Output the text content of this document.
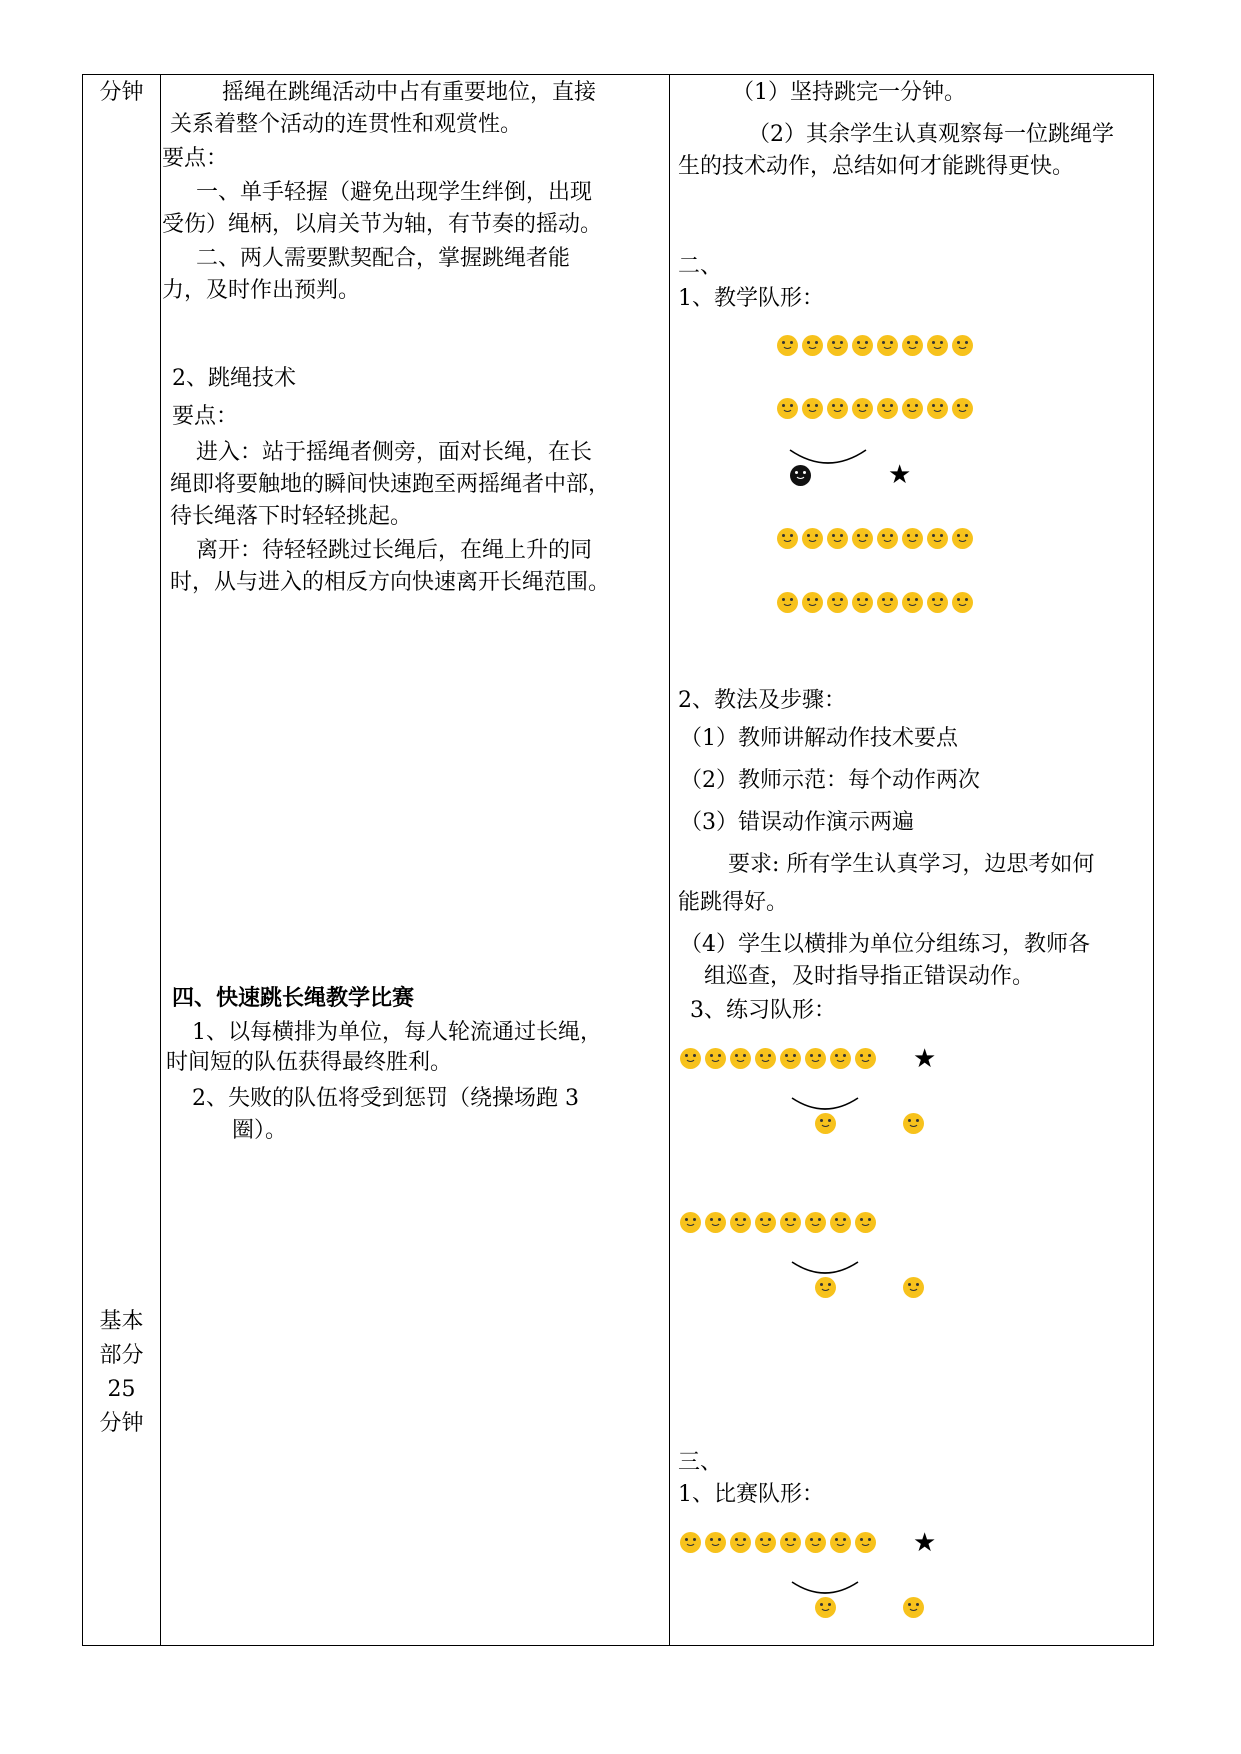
分钟
基本
部分
25
分钟
摇绳在跳绳活动中占有重要地位，直接
关系着整个活动的连贯性和观赏性。
要点：
一、单手轻握（避免出现学生绊倒，出现
受伤）绳柄，以肩关节为轴，有节奏的摇动。
二、两人需要默契配合，掌握跳绳者能
力，及时作出预判。
2、跳绳技术
要点：
进入：站于摇绳者侧旁，面对长绳，在长
绳即将要触地的瞬间快速跑至两摇绳者中部，
待长绳落下时轻轻挑起。
离开：待轻轻跳过长绳后，在绳上升的同
时，从与进入的相反方向快速离开长绳范围。
四、快速跳长绳教学比赛
1、以每横排为单位，每人轮流通过长绳，
时间短的队伍获得最终胜利。
2、失败的队伍将受到惩罚（绕操场跑 3
圈）。
（1）坚持跳完一分钟。
（2）其余学生认真观察每一位跳绳学
生的技术动作，总结如何才能跳得更快。
二、
1、教学队形：
★
2、教法及步骤：
（1）教师讲解动作技术要点
（2）教师示范：每个动作两次
（3）错误动作演示两遍
要求: 所有学生认真学习，边思考如何
能跳得好。
（4）学生以横排为单位分组练习，教师各
组巡查，及时指导指正错误动作。
3、练习队形：
★
三、
1、比赛队形：
★
